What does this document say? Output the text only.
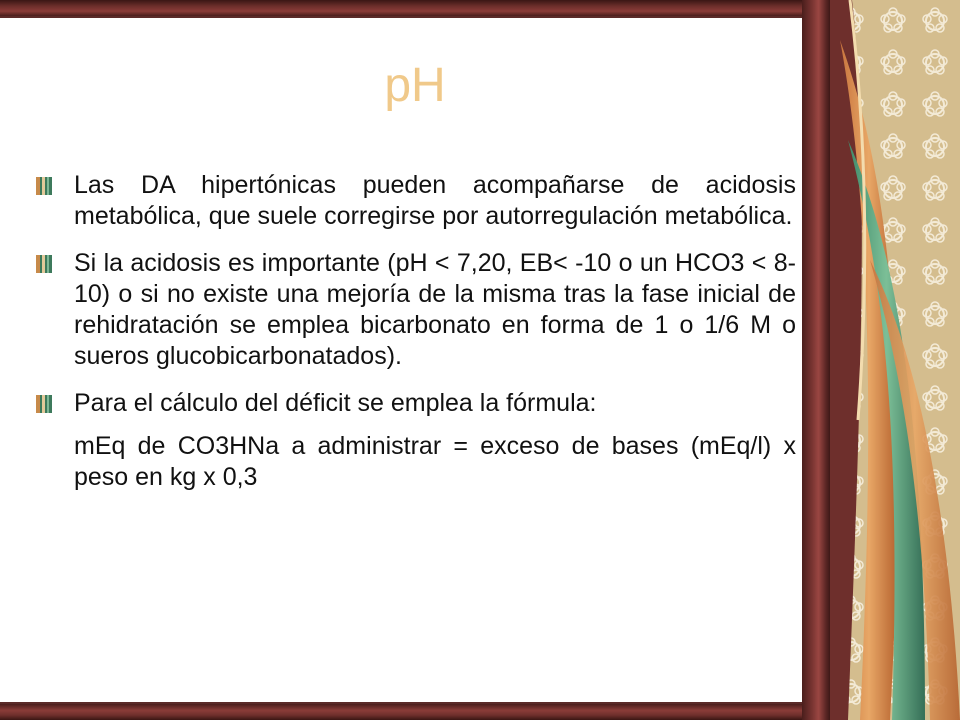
pH
Las DA hipertónicas pueden acompañarse de acidosis metabólica, que suele corregirse por autorregulación metabólica.
Si la acidosis es importante (pH < 7,20, EB< -10 o un HCO3 < 8-10) o si no existe una mejoría de la misma tras la fase inicial de rehidratación se emplea bicarbonato en forma de 1 o 1/6 M o sueros glucobicarbonatados).
Para el cálculo del déficit se emplea la fórmula:
mEq de CO3HNa a administrar = exceso de bases (mEq/l) x peso en kg x 0,3
